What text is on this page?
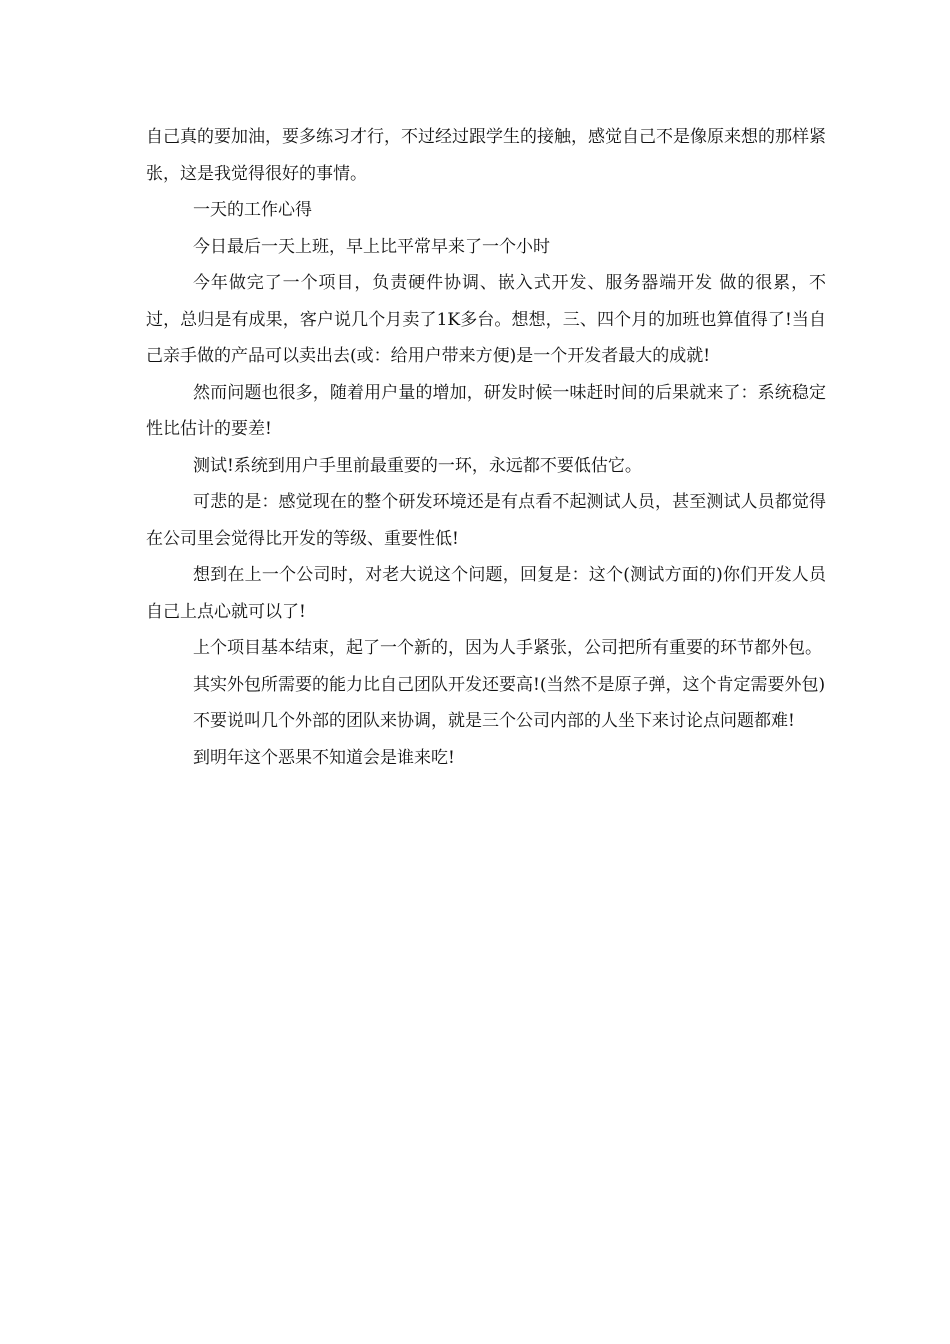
自己真的要加油，要多练习才行，不过经过跟学生的接触，感觉自己不是像原来想的那样紧张，这是我觉得很好的事情。

一天的工作心得

今日最后一天上班，早上比平常早来了一个小时

今年做完了一个项目，负责硬件协调、嵌入式开发、服务器端开发 做的很累，不过，总归是有成果，客户说几个月卖了1K多台。想想，三、四个月的加班也算值得了!当自己亲手做的产品可以卖出去(或：给用户带来方便)是一个开发者最大的成就!

然而问题也很多，随着用户量的增加，研发时候一味赶时间的后果就来了：系统稳定性比估计的要差!

测试!系统到用户手里前最重要的一环，永远都不要低估它。

可悲的是：感觉现在的整个研发环境还是有点看不起测试人员，甚至测试人员都觉得在公司里会觉得比开发的等级、重要性低!

想到在上一个公司时，对老大说这个问题，回复是：这个(测试方面的)你们开发人员自己上点心就可以了!

上个项目基本结束，起了一个新的，因为人手紧张，公司把所有重要的环节都外包。

其实外包所需要的能力比自己团队开发还要高!(当然不是原子弹，这个肯定需要外包)

不要说叫几个外部的团队来协调，就是三个公司内部的人坐下来讨论点问题都难!

到明年这个恶果不知道会是谁来吃!
